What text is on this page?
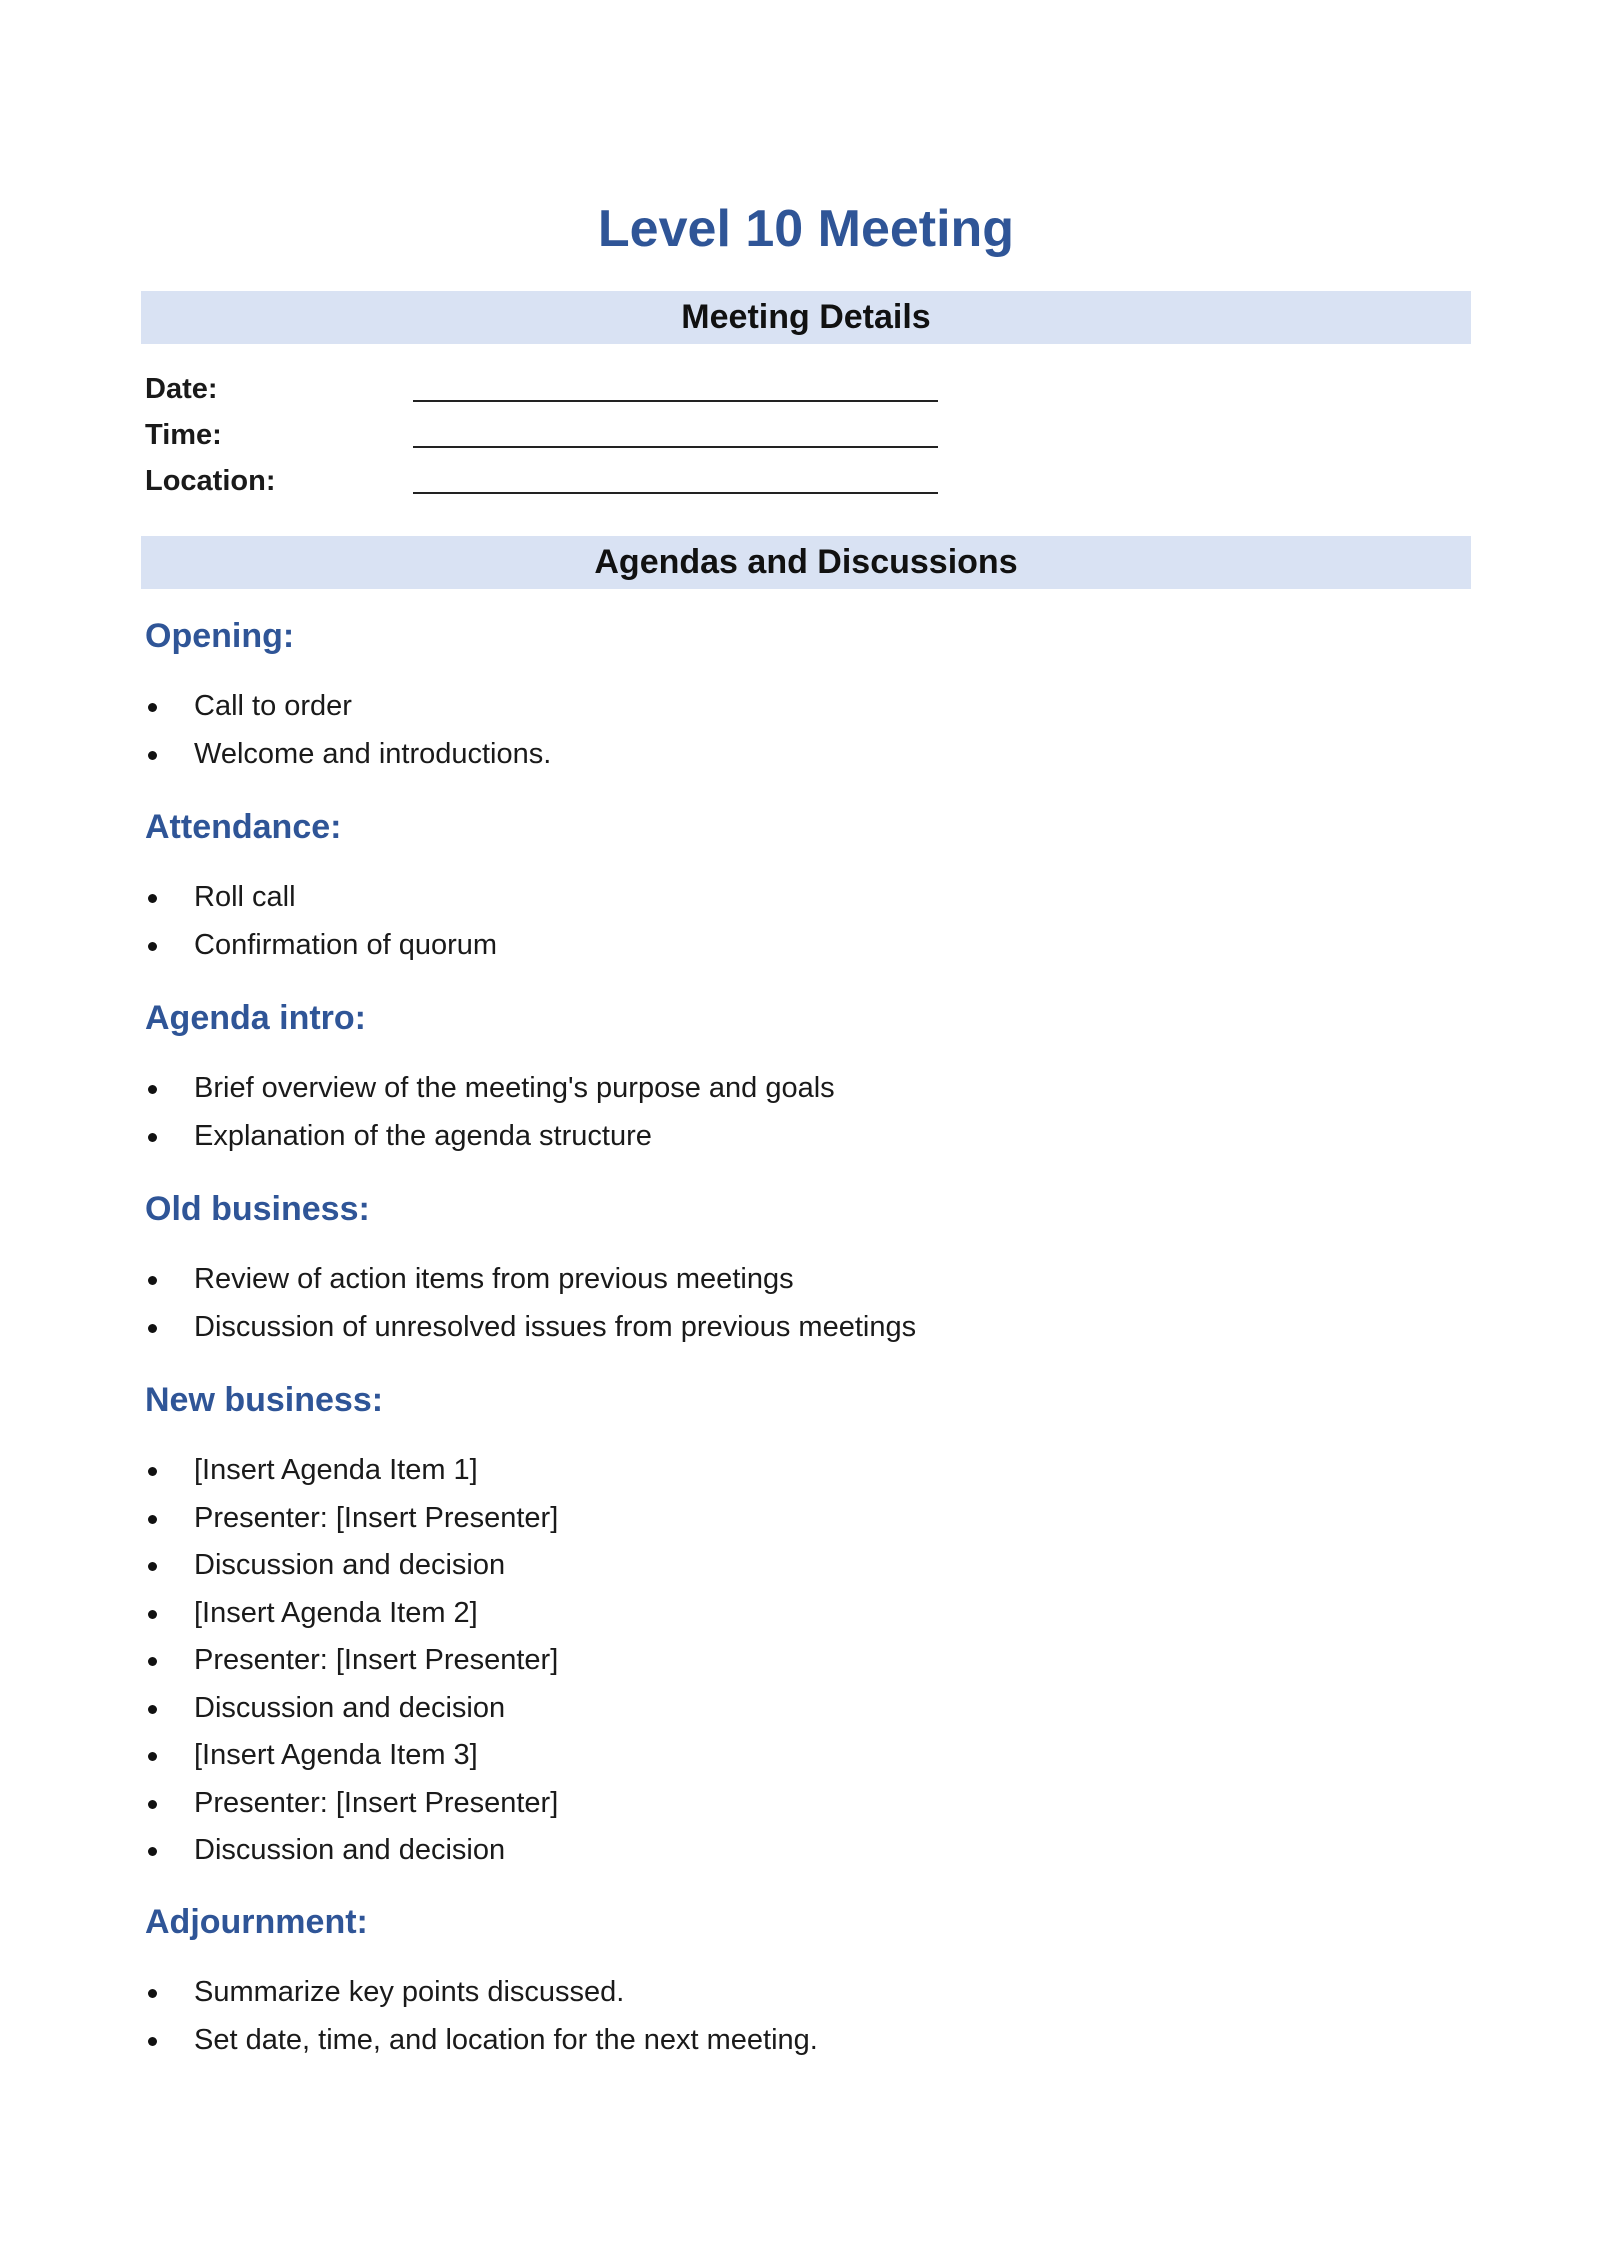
Level 10 Meeting
Meeting Details
Date:
Time:
Location:
Agendas and Discussions
Opening:
Call to order
Welcome and introductions.
Attendance:
Roll call
Confirmation of quorum
Agenda intro:
Brief overview of the meeting's purpose and goals
Explanation of the agenda structure
Old business:
Review of action items from previous meetings
Discussion of unresolved issues from previous meetings
New business:
[Insert Agenda Item 1]
Presenter: [Insert Presenter]
Discussion and decision
[Insert Agenda Item 2]
Presenter: [Insert Presenter]
Discussion and decision
[Insert Agenda Item 3]
Presenter: [Insert Presenter]
Discussion and decision
Adjournment:
Summarize key points discussed.
Set date, time, and location for the next meeting.
